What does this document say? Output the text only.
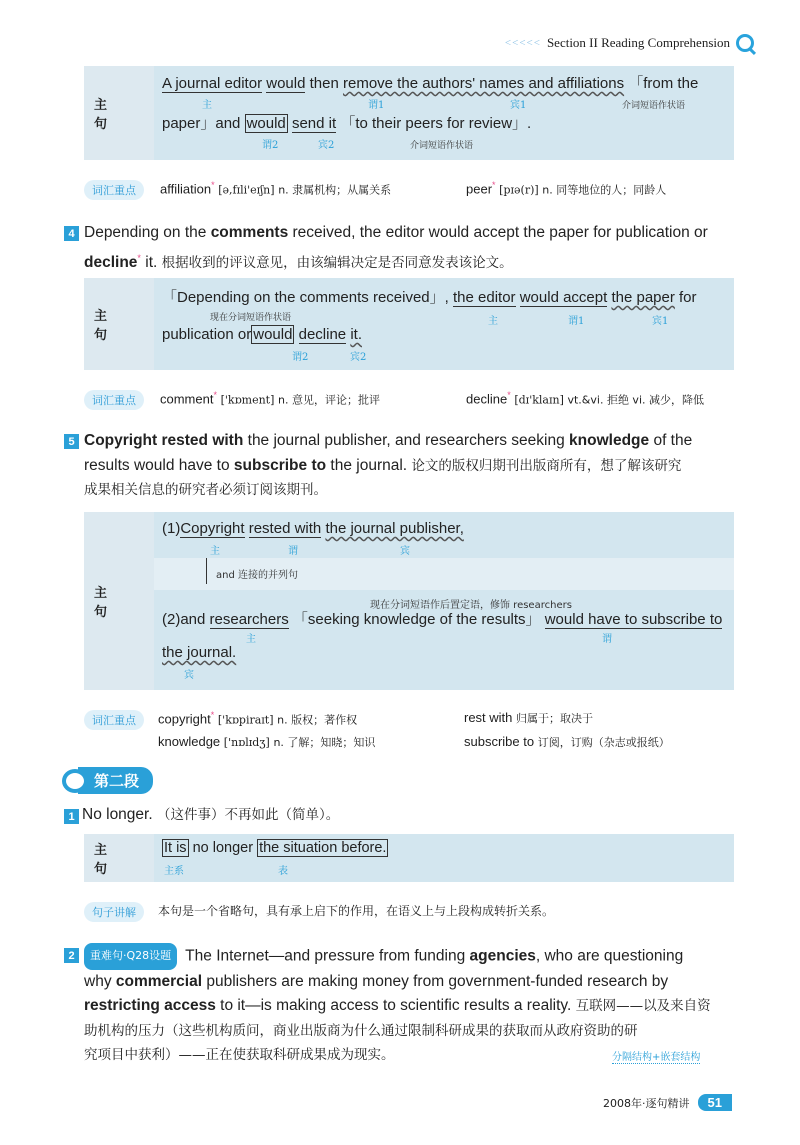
<<<<< Section II Reading Comprehension
主 句
A journal editor would then remove the authors' names and affiliations 「from the
paper」and would send it 「to their peers for review」.
主	谓1	宾1	介词短语作状语
谓2	宾2	介词短语作状语
词汇重点	affiliation* [ə,fɪli'eɪʃn] n. 隶属机构；从属关系	peer* [pɪə(r)] n. 同等地位的人；同龄人
4 Depending on the comments received, the editor would accept the paper for publication or decline* it. 根据收到的评议意见，由该编辑决定是否同意发表该论文。
主 句
「Depending on the comments received」, the editor would accept the paper for
现在分词短语作状语	主	谓1	宾1
publication or would decline it.
谓2	宾2
词汇重点	comment* ['kɒment] n. 意见，评论；批评	decline* [dɪ'klaɪn] vt.&vi. 拒绝 vi. 减少，降低
5 Copyright rested with the journal publisher, and researchers seeking knowledge of the results would have to subscribe to the journal. 论文的版权归期刊出版商所有，想了解该研究
成果相关信息的研究者必须订阅该期刊。
主 句
(1)Copyright rested with the journal publisher,
主	谓	宾
and 连接的并列句
现在分词短语作后置定语，修饰 researchers
(2)and researchers 「seeking knowledge of the results」 would have to subscribe to
主	谓
the journal.
宾
词汇重点	copyright* ['kɒpiraɪt] n. 版权；著作权	rest with 归属于；取决于
knowledge ['nɒlɪdʒ] n. 了解；知晓；知识	subscribe to 订阅，订购（杂志或报纸）
第二段
1 No longer. （这件事）不再如此（简单）。
主 句
It is no longer the situation before.
主系	表
句子讲解	本句是一个省略句，具有承上启下的作用，在语义上与上段构成转折关系。
2	重难句·Q28设题 The Internet—and pressure from funding agencies, who are questioning
why commercial publishers are making money from government-funded research by
restricting access to it—is making access to scientific results a reality. 互联网——以及来自资
助机构的压力（这些机构质问，商业出版商为什么通过限制科研成果的获取而从政府资助的研
究项目中获利）——正在使获取科研成果成为现实。	分隔结构+嵌套结构
2008年·逐句精讲	51
